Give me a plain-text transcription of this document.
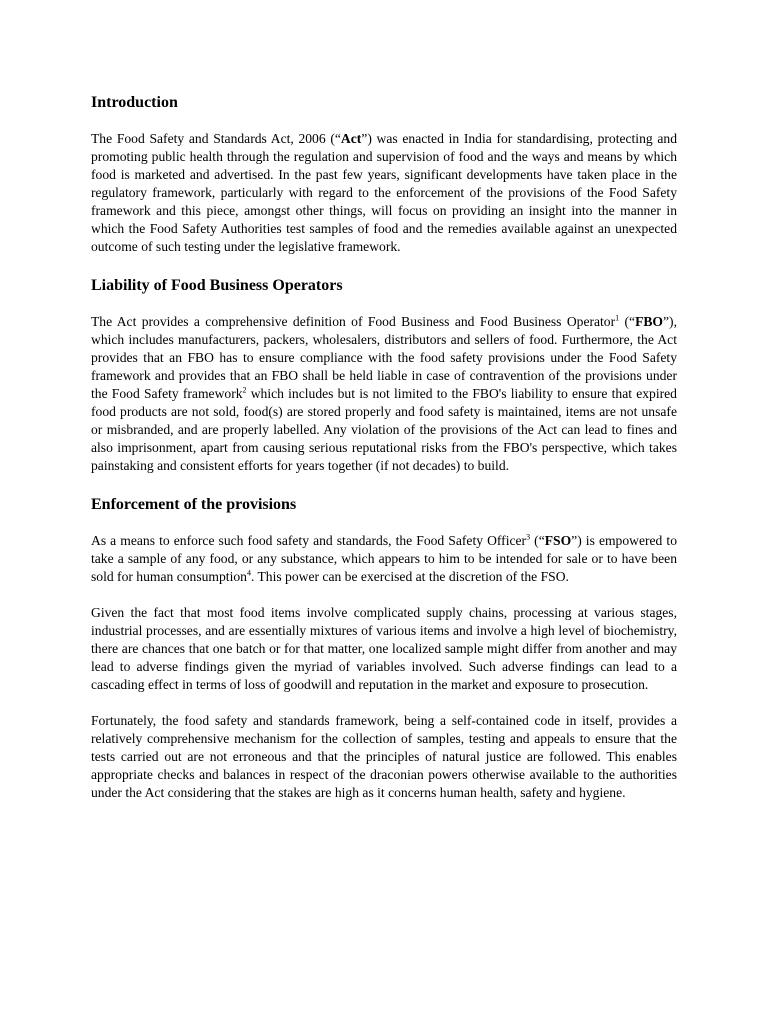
Introduction

The Food Safety and Standards Act, 2006 (“Act”) was enacted in India for standardising, protecting and promoting public health through the regulation and supervision of food and the ways and means by which food is marketed and advertised. In the past few years, significant developments have taken place in the regulatory framework, particularly with regard to the enforcement of the provisions of the Food Safety framework and this piece, amongst other things, will focus on providing an insight into the manner in which the Food Safety Authorities test samples of food and the remedies available against an unexpected outcome of such testing under the legislative framework.

Liability of Food Business Operators

The Act provides a comprehensive definition of Food Business and Food Business Operator$^1$ (“FBO”), which includes manufacturers, packers, wholesalers, distributors and sellers of food. Furthermore, the Act provides that an FBO has to ensure compliance with the food safety provisions under the Food Safety framework and provides that an FBO shall be held liable in case of contravention of the provisions under the Food Safety framework$^2$ which includes but is not limited to the FBO's liability to ensure that expired food products are not sold, food(s) are stored properly and food safety is maintained, items are not unsafe or misbranded, and are properly labelled. Any violation of the provisions of the Act can lead to fines and also imprisonment, apart from causing serious reputational risks from the FBO's perspective, which takes painstaking and consistent efforts for years together (if not decades) to build.

Enforcement of the provisions

As a means to enforce such food safety and standards, the Food Safety Officer$^3$ (“FSO”) is empowered to take a sample of any food, or any substance, which appears to him to be intended for sale or to have been sold for human consumption$^4$. This power can be exercised at the discretion of the FSO.

Given the fact that most food items involve complicated supply chains, processing at various stages, industrial processes, and are essentially mixtures of various items and involve a high level of biochemistry, there are chances that one batch or for that matter, one localized sample might differ from another and may lead to adverse findings given the myriad of variables involved. Such adverse findings can lead to a cascading effect in terms of loss of goodwill and reputation in the market and exposure to prosecution.

Fortunately, the food safety and standards framework, being a self-contained code in itself, provides a relatively comprehensive mechanism for the collection of samples, testing and appeals to ensure that the tests carried out are not erroneous and that the principles of natural justice are followed. This enables appropriate checks and balances in respect of the draconian powers otherwise available to the authorities under the Act considering that the stakes are high as it concerns human health, safety and hygiene.
